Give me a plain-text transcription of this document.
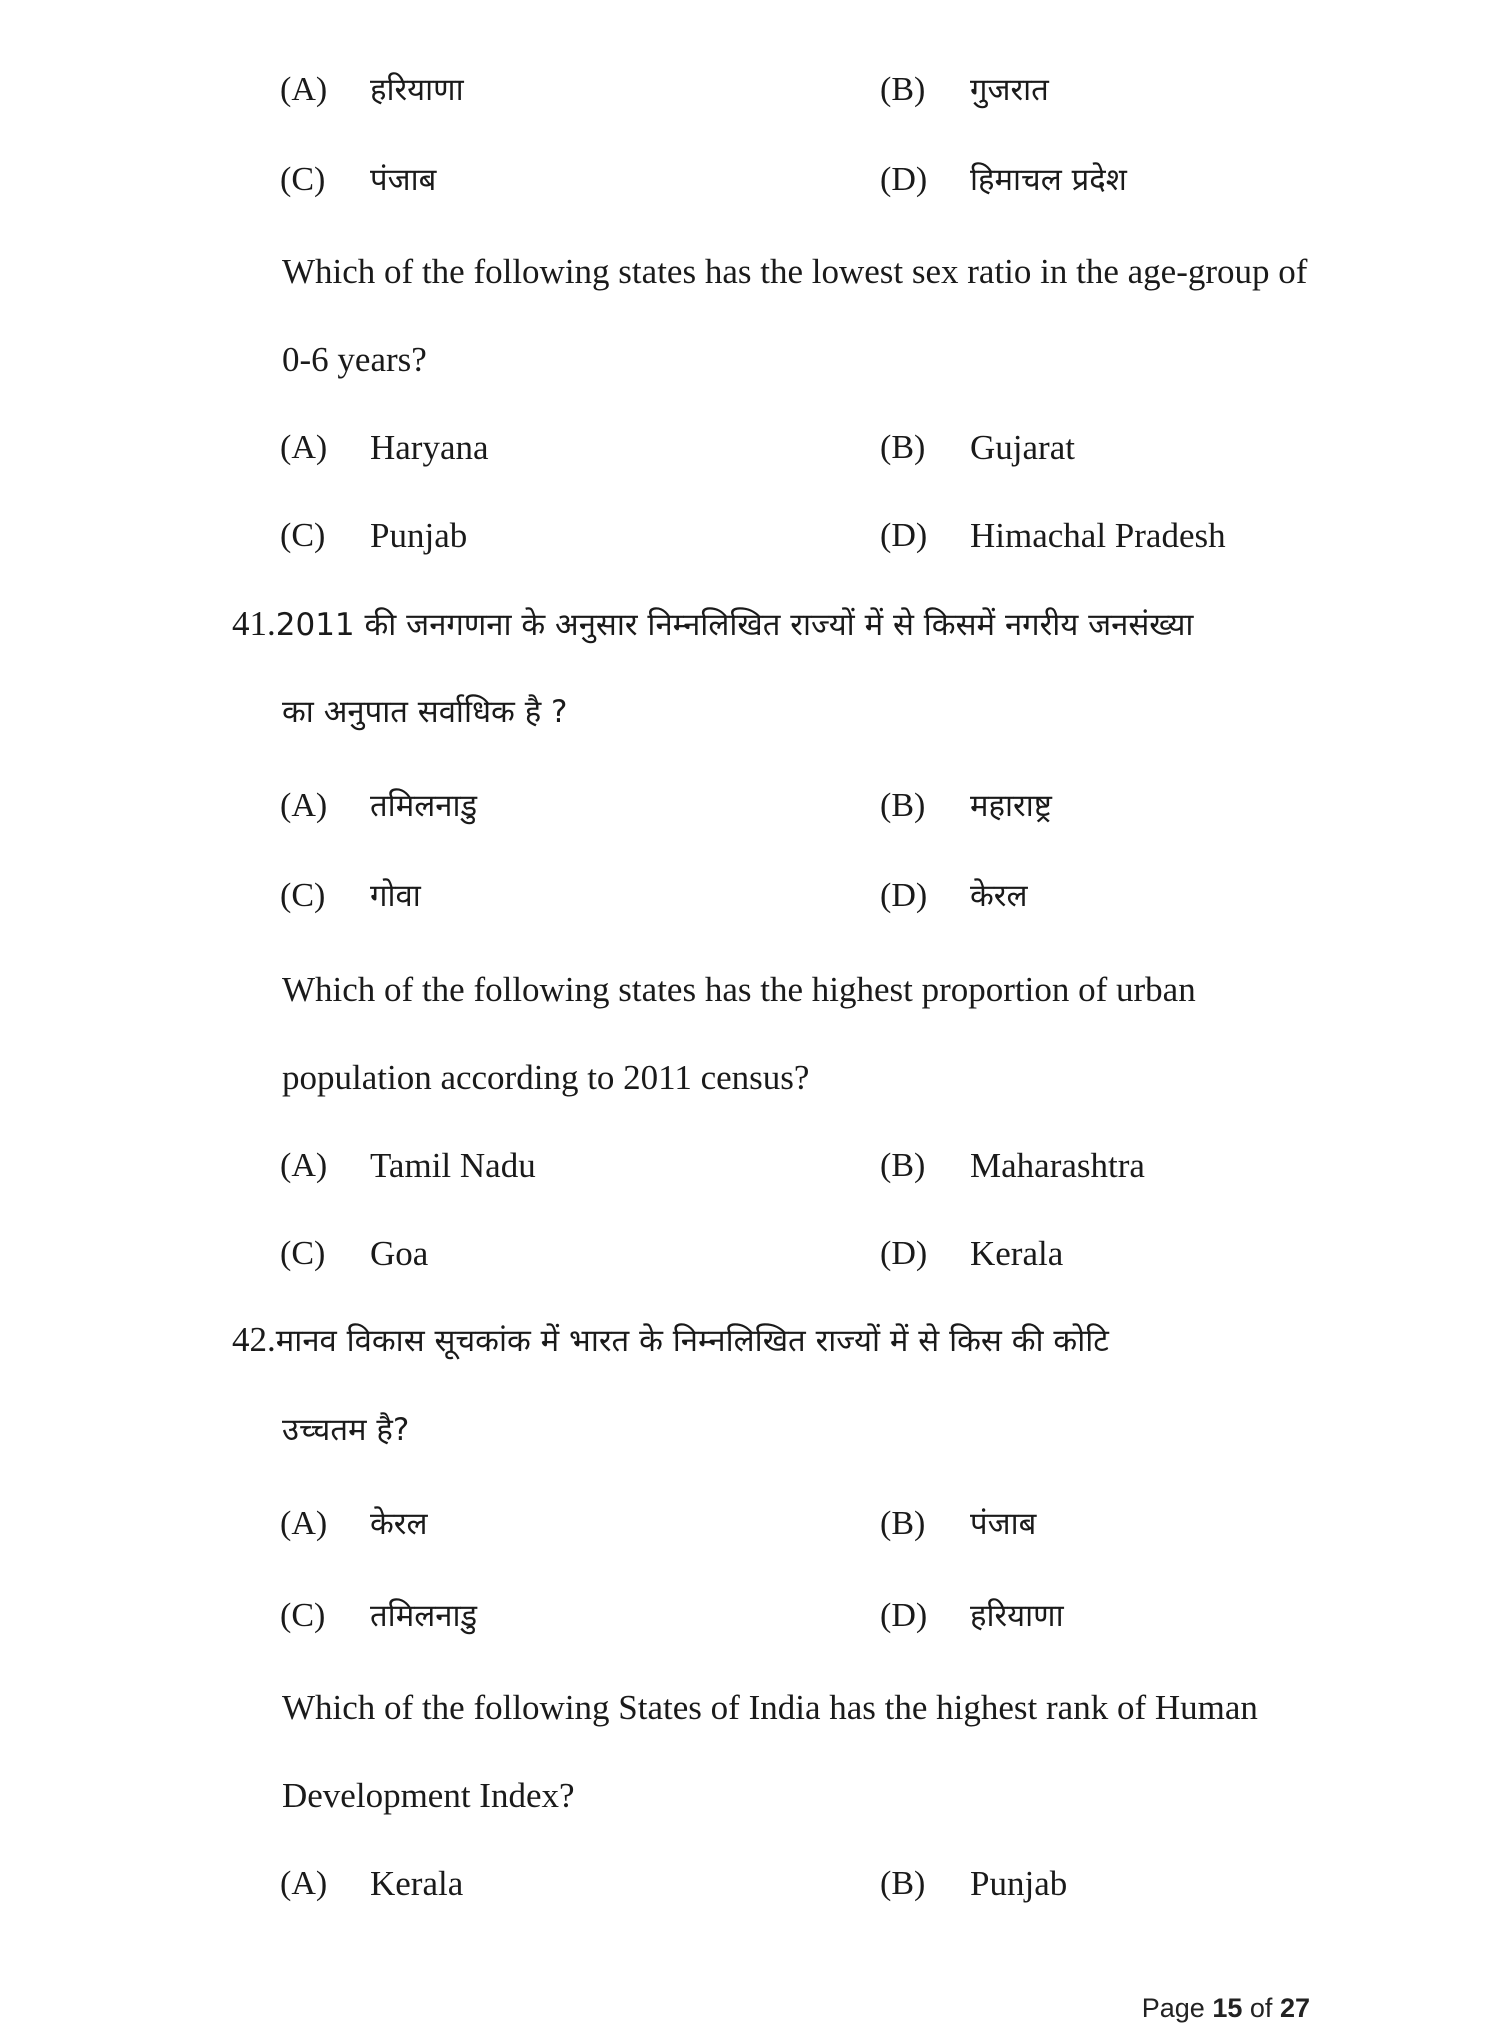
(A) हरियाणा	(B) गुजरात
(C) पंजाब	(D) हिमाचल प्रदेश
Which of the following states has the lowest sex ratio in the age-group of
0-6 years?
(A) Haryana	(B) Gujarat
(C) Punjab	(D) Himachal Pradesh
41.2011 की जनगणना के अनुसार निम्नलिखित राज्यों में से किसमें नगरीय जनसंख्या
का अनुपात सर्वाधिक है ?
(A) तमिलनाडु	(B) महाराष्ट्र
(C) गोवा	(D) केरल
Which of the following states has the highest proportion of urban
population according to 2011 census?
(A) Tamil Nadu	(B) Maharashtra
(C) Goa	(D) Kerala
42.मानव विकास सूचकांक में भारत के निम्नलिखित राज्यों में से किस की कोटि
उच्चतम है?
(A) केरल	(B) पंजाब
(C) तमिलनाडु	(D) हरियाणा
Which of the following States of India has the highest rank of Human
Development Index?
(A) Kerala	(B) Punjab
Page 15 of 27
